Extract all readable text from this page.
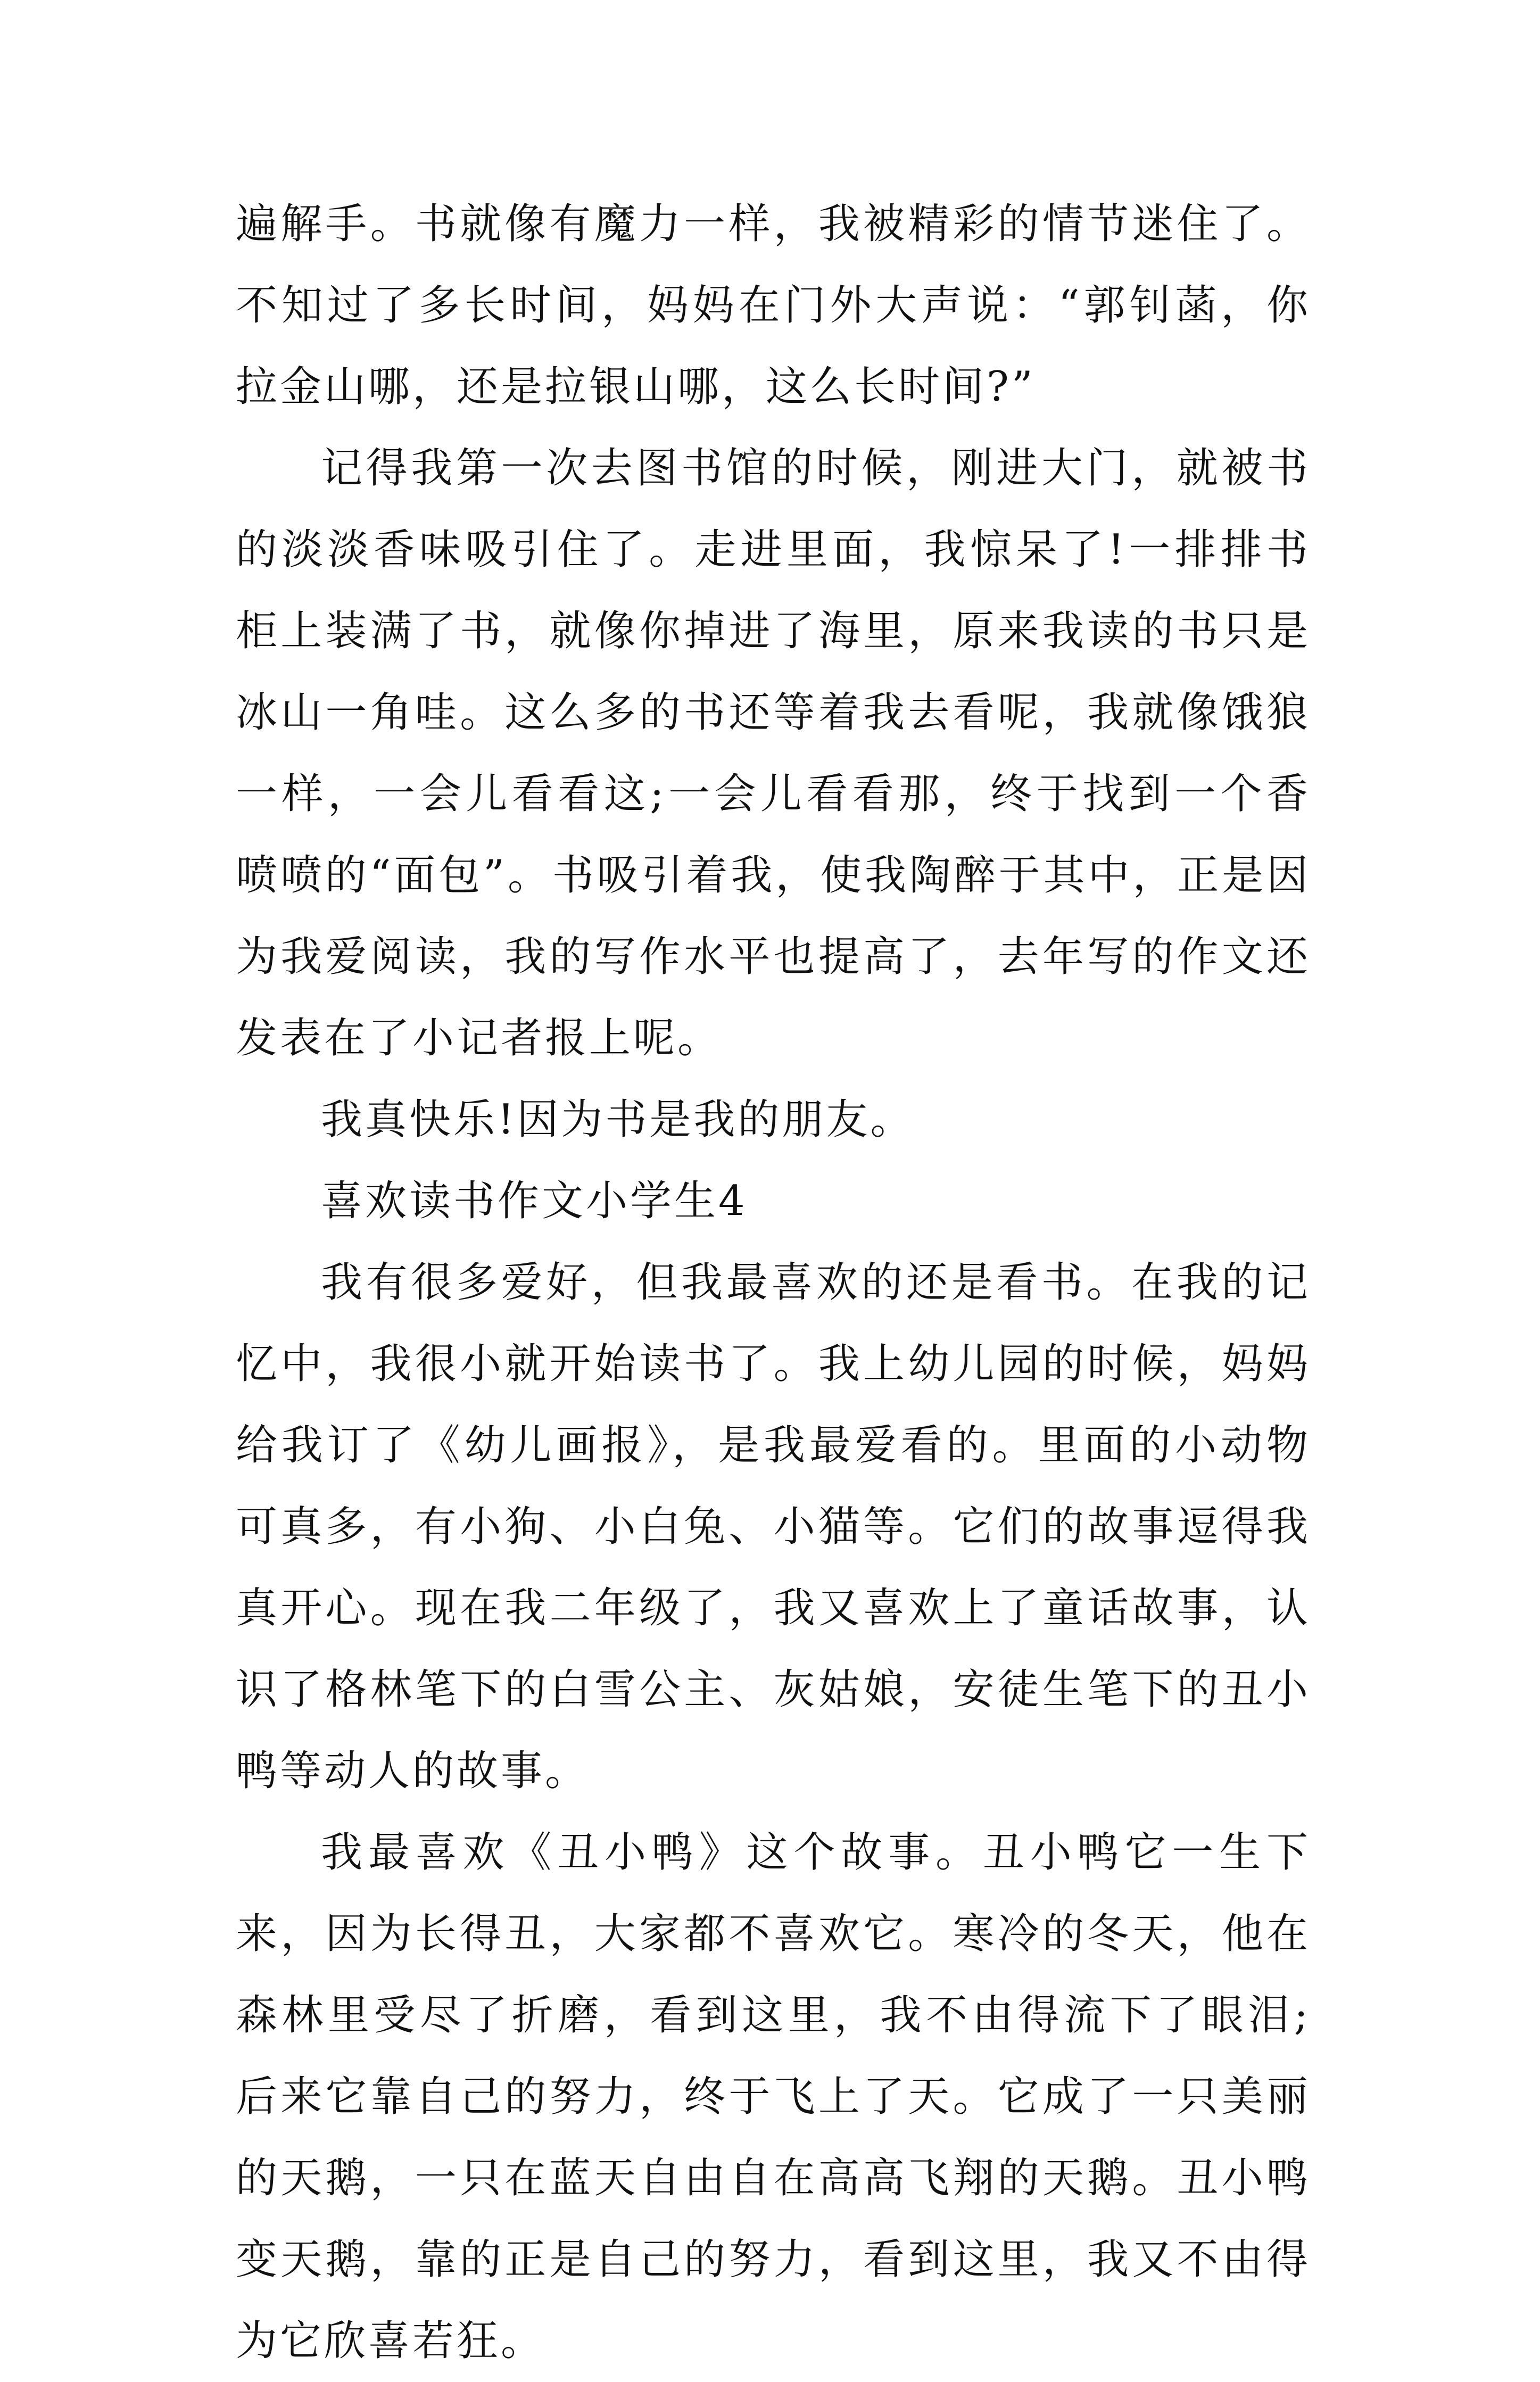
遍解手。书就像有魔力一样，我被精彩的情节迷住了。不知过了多长时间，妈妈在门外大声说：“郭钊菡，你拉金山哪，还是拉银山哪，这么长时间?”

记得我第一次去图书馆的时候，刚进大门，就被书的淡淡香味吸引住了。走进里面，我惊呆了!一排排书柜上装满了书，就像你掉进了海里，原来我读的书只是冰山一角哇。这么多的书还等着我去看呢，我就像饿狼一样，一会儿看看这;一会儿看看那，终于找到一个香喷喷的“面包”。书吸引着我，使我陶醉于其中，正是因为我爱阅读，我的写作水平也提高了，去年写的作文还发表在了小记者报上呢。

我真快乐!因为书是我的朋友。

喜欢读书作文小学生4

我有很多爱好，但我最喜欢的还是看书。在我的记忆中，我很小就开始读书了。我上幼儿园的时候，妈妈给我订了《幼儿画报》，是我最爱看的。里面的小动物可真多，有小狗、小白兔、小猫等。它们的故事逗得我真开心。现在我二年级了，我又喜欢上了童话故事，认识了格林笔下的白雪公主、灰姑娘，安徒生笔下的丑小鸭等动人的故事。

我最喜欢《丑小鸭》这个故事。丑小鸭它一生下来，因为长得丑，大家都不喜欢它。寒冷的冬天，他在森林里受尽了折磨，看到这里，我不由得流下了眼泪;后来它靠自己的努力，终于飞上了天。它成了一只美丽的天鹅，一只在蓝天自由自在高高飞翔的天鹅。丑小鸭变天鹅，靠的正是自己的努力，看到这里，我又不由得为它欣喜若狂。
